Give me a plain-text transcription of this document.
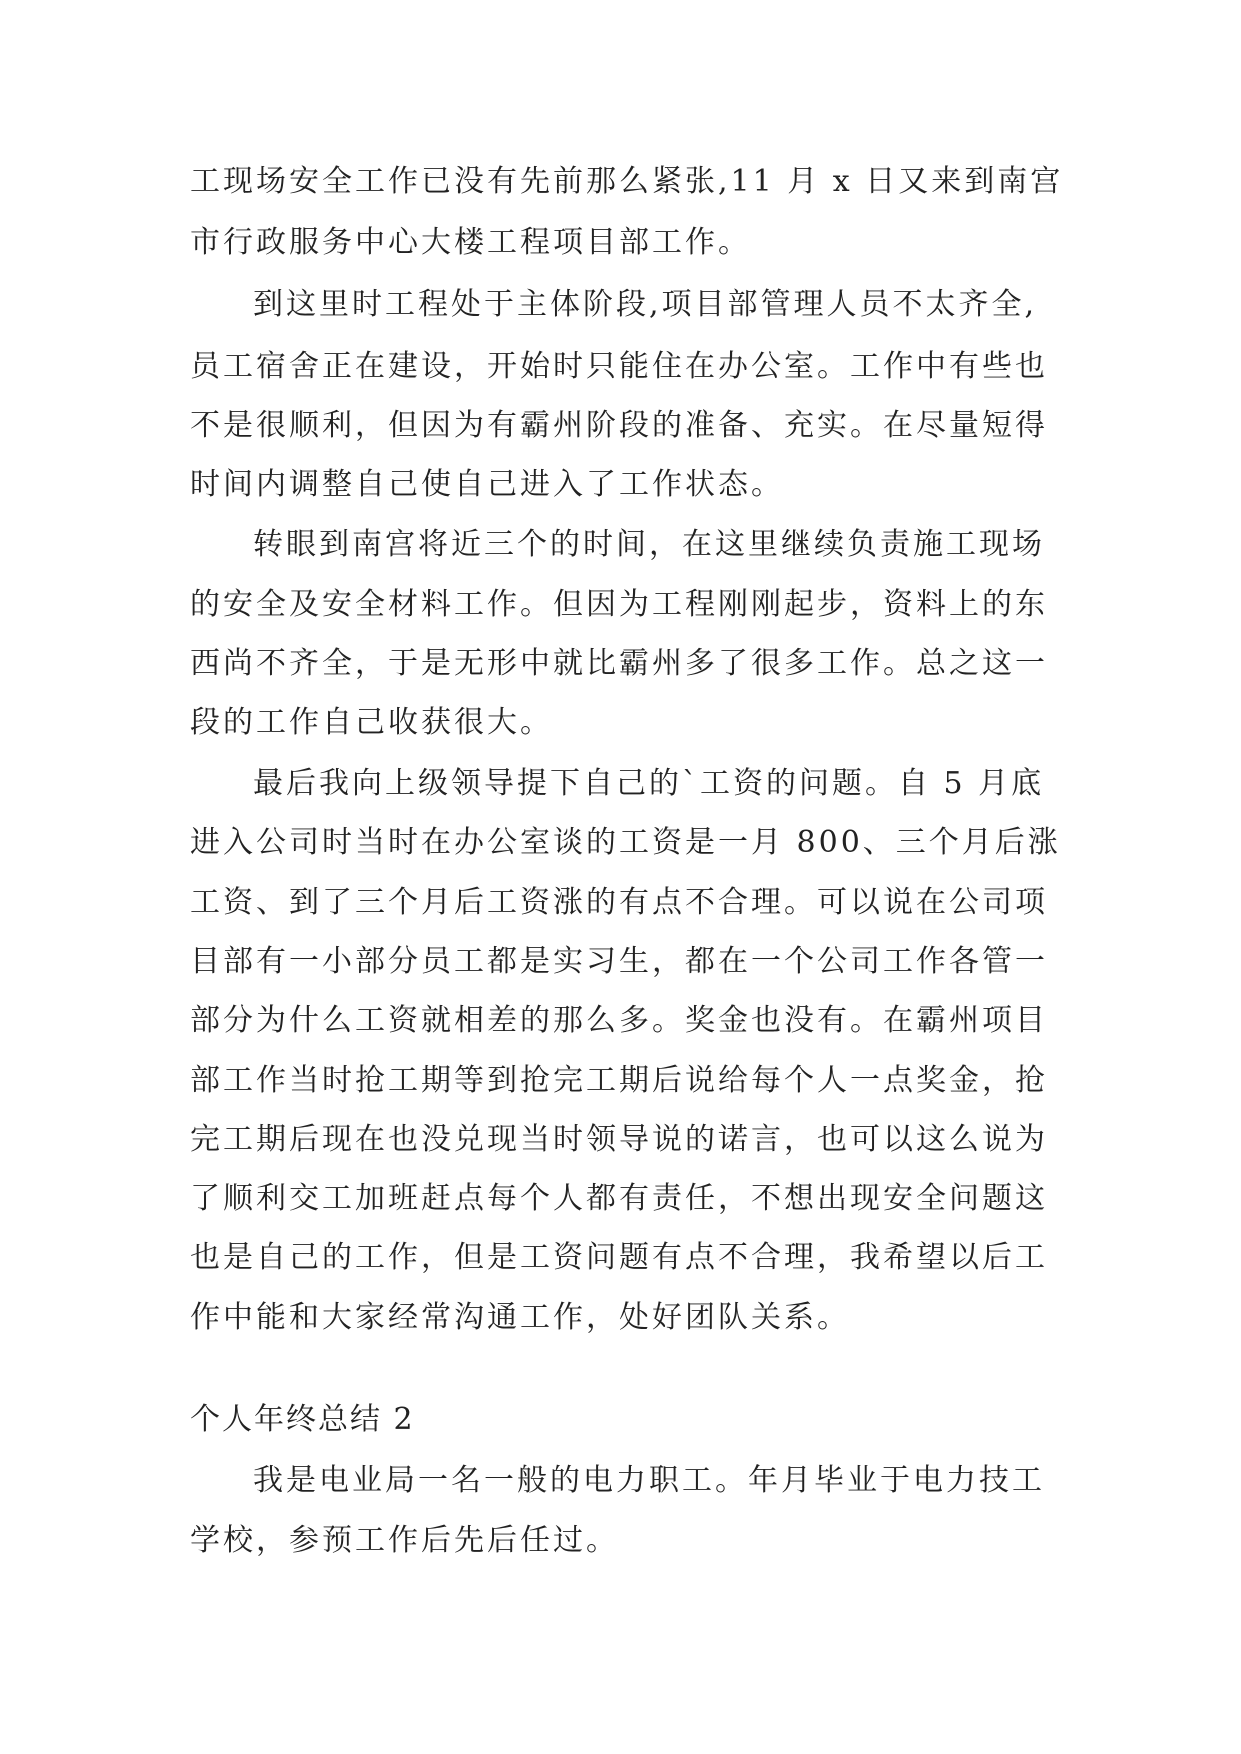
工现场安全工作已没有先前那么紧张,11 月 x 日又来到南宫
市行政服务中心大楼工程项目部工作。
到这里时工程处于主体阶段,项目部管理人员不太齐全,
员工宿舍正在建设，开始时只能住在办公室。工作中有些也
不是很顺利，但因为有霸州阶段的准备、充实。在尽量短得
时间内调整自己使自己进入了工作状态。
转眼到南宫将近三个的时间，在这里继续负责施工现场
的安全及安全材料工作。但因为工程刚刚起步，资料上的东
西尚不齐全，于是无形中就比霸州多了很多工作。总之这一
段的工作自己收获很大。
最后我向上级领导提下自己的`工资的问题。自 5 月底
进入公司时当时在办公室谈的工资是一月 800、三个月后涨
工资、到了三个月后工资涨的有点不合理。可以说在公司项
目部有一小部分员工都是实习生，都在一个公司工作各管一
部分为什么工资就相差的那么多。奖金也没有。在霸州项目
部工作当时抢工期等到抢完工期后说给每个人一点奖金，抢
完工期后现在也没兑现当时领导说的诺言，也可以这么说为
了顺利交工加班赶点每个人都有责任，不想出现安全问题这
也是自己的工作，但是工资问题有点不合理，我希望以后工
作中能和大家经常沟通工作，处好团队关系。
个人年终总结 2
我是电业局一名一般的电力职工。年月毕业于电力技工
学校，参预工作后先后任过。
